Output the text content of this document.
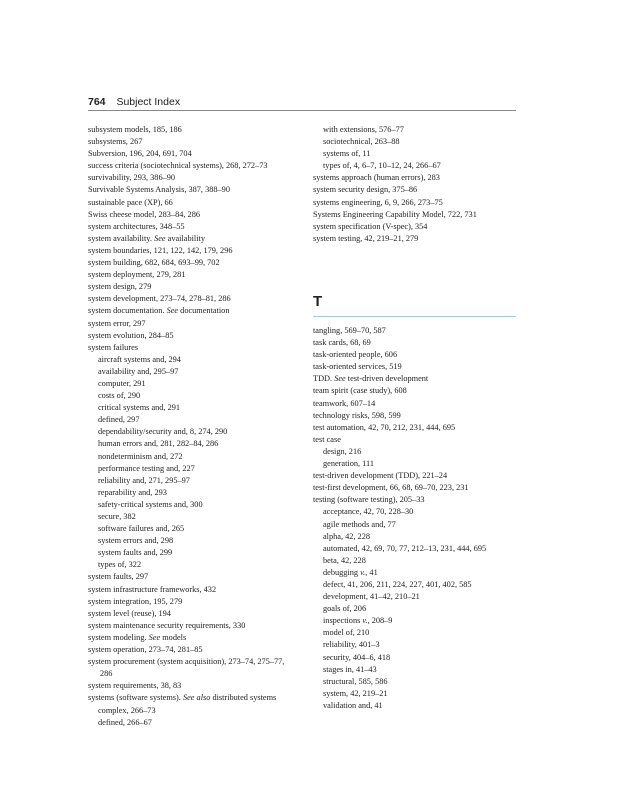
764 Subject Index
subsystem models, 185, 186
subsystems, 267
Subversion, 196, 204, 691, 704
success criteria (sociotechnical systems), 268, 272–73
survivability, 293, 386–90
Survivable Systems Analysis, 387, 388–90
sustainable pace (XP), 66
Swiss cheese model, 283–84, 286
system architectures, 348–55
system availability. See availability
system boundaries, 121, 122, 142, 179, 296
system building, 682, 684, 693–99, 702
system deployment, 279, 281
system design, 279
system development, 273–74, 278–81, 286
system documentation. See documentation
system error, 297
system evolution, 284–85
system failures
aircraft systems and, 294
availability and, 295–97
computer, 291
costs of, 290
critical systems and, 291
defined, 297
dependability/security and, 8, 274, 290
human errors and, 281, 282–84, 286
nondeterminism and, 272
performance testing and, 227
reliability and, 271, 295–97
reparability and, 293
safety-critical systems and, 300
secure, 382
software failures and, 265
system errors and, 298
system faults and, 299
types of, 322
system faults, 297
system infrastructure frameworks, 432
system integration, 195, 279
system level (reuse), 194
system maintenance security requirements, 330
system modeling. See models
system operation, 273–74, 281–85
system procurement (system acquisition), 273–74, 275–77, 286
system requirements, 38, 83
systems (software systems). See also distributed systems
complex, 266–73
defined, 266–67
with extensions, 576–77
sociotechnical, 263–88
systems of, 11
types of, 4, 6–7, 10–12, 24, 266–67
systems approach (human errors), 283
system security design, 375–86
systems engineering, 6, 9, 266, 273–75
Systems Engineering Capability Model, 722, 731
system specification (V-spec), 354
system testing, 42, 219–21, 279
T
tangling, 569–70, 587
task cards, 68, 69
task-oriented people, 606
task-oriented services, 519
TDD. See test-driven development
team spirit (case study), 608
teamwork, 607–14
technology risks, 598, 599
test automation, 42, 70, 212, 231, 444, 695
test case
design, 216
generation, 111
test-driven development (TDD), 221–24
test-first development, 66, 68, 69–70, 223, 231
testing (software testing), 205–33
acceptance, 42, 70, 228–30
agile methods and, 77
alpha, 42, 228
automated, 42, 69, 70, 77, 212–13, 231, 444, 695
beta, 42, 228
debugging v., 41
defect, 41, 206, 211, 224, 227, 401, 402, 585
development, 41–42, 210–21
goals of, 206
inspections v., 208–9
model of, 210
reliability, 401–3
security, 404–6, 418
stages in, 41–43
structural, 585, 586
system, 42, 219–21
validation and, 41
